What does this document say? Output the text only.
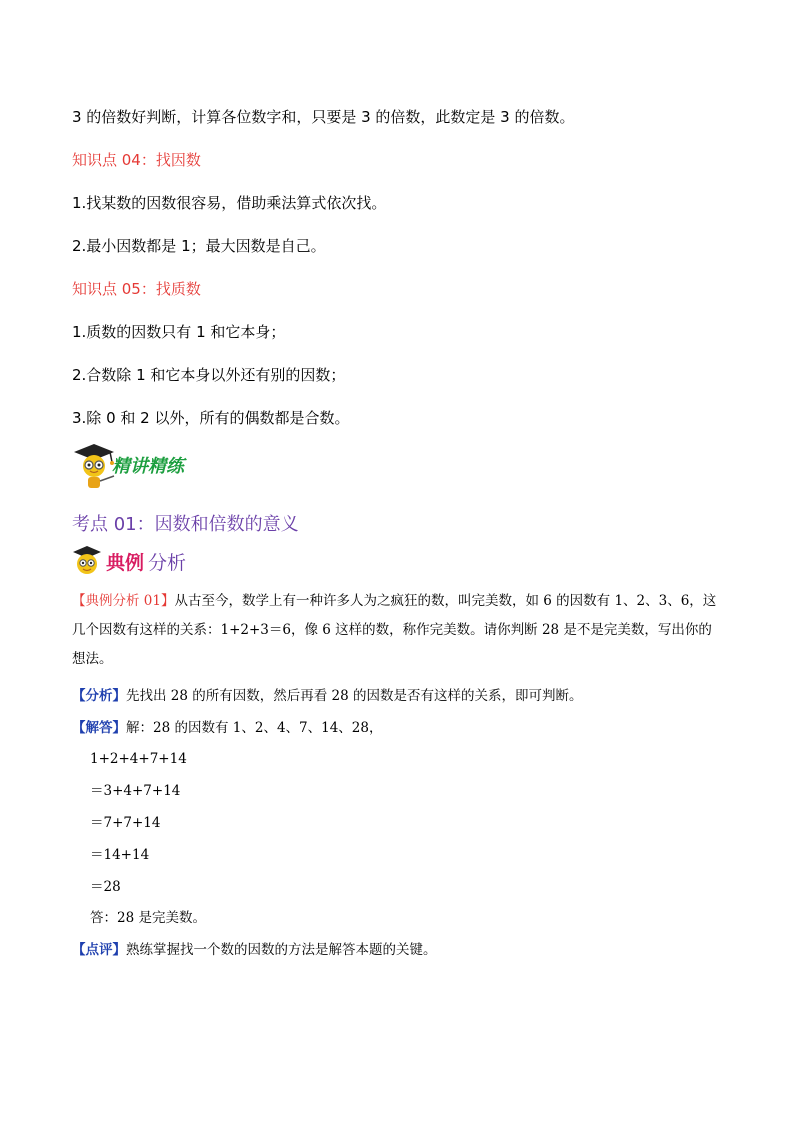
3 的倍数好判断，计算各位数字和，只要是 3 的倍数，此数定是 3 的倍数。
知识点 04：找因数
1.找某数的因数很容易，借助乘法算式依次找。
2.最小因数都是 1；最大因数是自己。
知识点 05：找质数
1.质数的因数只有 1 和它本身；
2.合数除 1 和它本身以外还有别的因数；
3.除 0 和 2 以外，所有的偶数都是合数。
精讲精练
考点 01：因数和倍数的意义
典例 分析
【典例分析 01】从古至今，数学上有一种许多人为之疯狂的数，叫完美数，如 6 的因数有 1、2、3、6，这几个因数有这样的关系：1+2+3＝6，像 6 这样的数，称作完美数。请你判断 28 是不是完美数，写出你的想法。
【分析】先找出 28 的所有因数，然后再看 28 的因数是否有这样的关系，即可判断。
【解答】解：28 的因数有 1、2、4、7、14、28，
1+2+4+7+14
＝3+4+7+14
＝7+7+14
＝14+14
＝28
答：28 是完美数。
【点评】熟练掌握找一个数的因数的方法是解答本题的关键。
